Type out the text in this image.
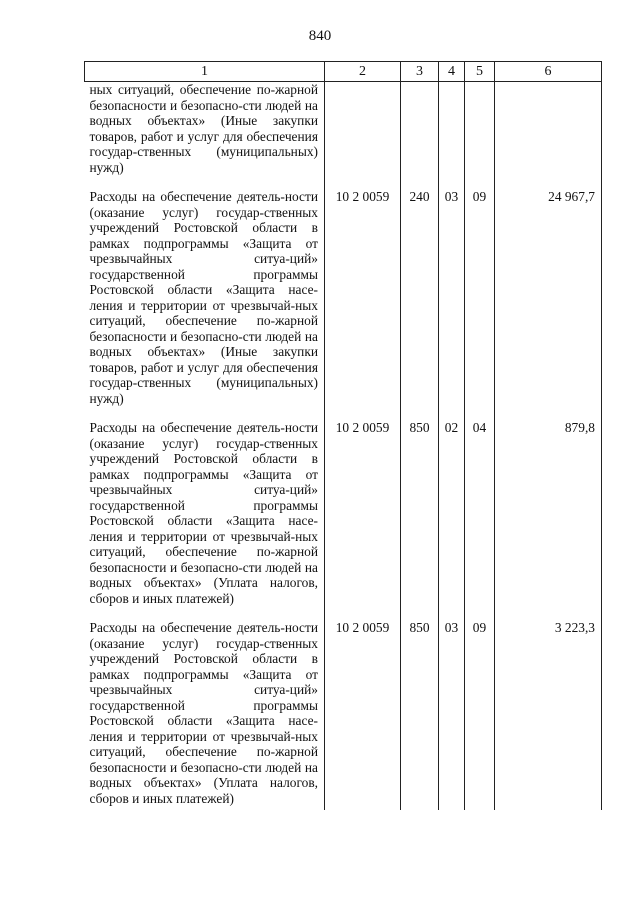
840
1	2	3	4	5	6
ных ситуаций, обеспечение по-жарной безопасности и безопасно-сти людей на водных объектах» (Иные закупки товаров, работ и услуг для обеспечения государ-ственных (муниципальных) нужд)					
Расходы на обеспечение деятель-ности (оказание услуг) государ-ственных учреждений Ростовской области в рамках подпрограммы «Защита от чрезвычайных ситуа-ций» государственной программы Ростовской области «Защита насе-ления и территории от чрезвычай-ных ситуаций, обеспечение по-жарной безопасности и безопасно-сти людей на водных объектах» (Иные закупки товаров, работ и услуг для обеспечения государ-ственных (муниципальных) нужд)	10 2 0059	240	03	09	24 967,7
Расходы на обеспечение деятель-ности (оказание услуг) государ-ственных учреждений Ростовской области в рамках подпрограммы «Защита от чрезвычайных ситуа-ций» государственной программы Ростовской области «Защита насе-ления и территории от чрезвычай-ных ситуаций, обеспечение по-жарной безопасности и безопасно-сти людей на водных объектах» (Уплата налогов, сборов и иных платежей)	10 2 0059	850	02	04	879,8
Расходы на обеспечение деятель-ности (оказание услуг) государ-ственных учреждений Ростовской области в рамках подпрограммы «Защита от чрезвычайных ситуа-ций» государственной программы Ростовской области «Защита насе-ления и территории от чрезвычай-ных ситуаций, обеспечение по-жарной безопасности и безопасно-сти людей на водных объектах» (Уплата налогов, сборов и иных платежей)	10 2 0059	850	03	09	3 223,3
